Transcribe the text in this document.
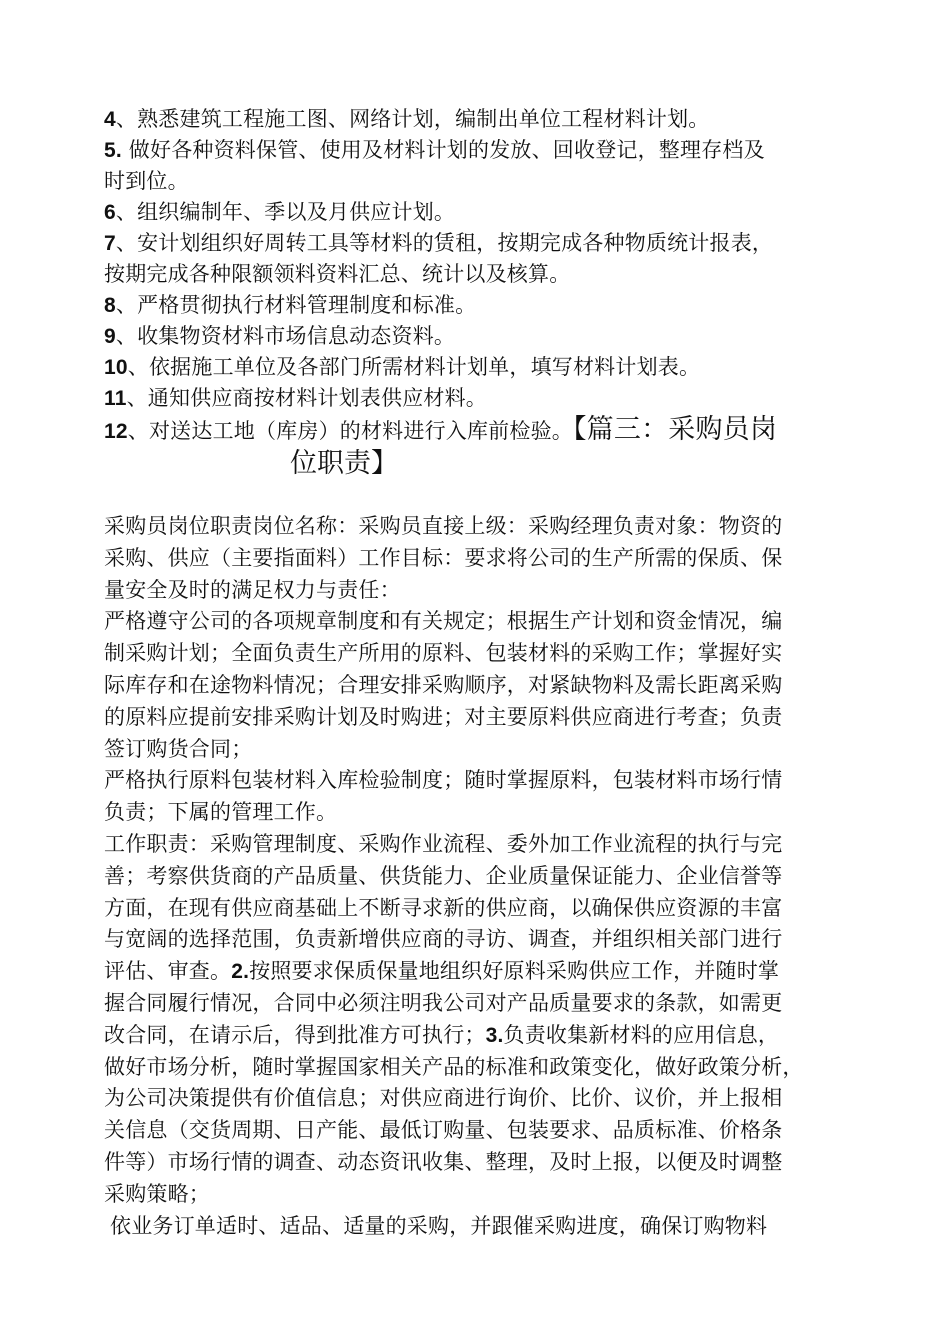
4、熟悉建筑工程施工图、网络计划，编制出单位工程材料计划。
5. 做好各种资料保管、使用及材料计划的发放、回收登记，整理存档及
时到位。
6、组织编制年、季以及月供应计划。
7、安计划组织好周转工具等材料的赁租，按期完成各种物质统计报表，
按期完成各种限额领料资料汇总、统计以及核算。
8、严格贯彻执行材料管理制度和标准。
9、收集物资材料市场信息动态资料。
10、依据施工单位及各部门所需材料计划单，填写材料计划表。
11、通知供应商按材料计划表供应材料。
12、对送达工地（库房）的材料进行入库前检验。【篇三：采购员岗
位职责】
采购员岗位职责岗位名称：采购员直接上级：采购经理负责对象：物资的
采购、供应（主要指面料）工作目标：要求将公司的生产所需的保质、保
量安全及时的满足权力与责任：
严格遵守公司的各项规章制度和有关规定；根据生产计划和资金情况，编
制采购计划；全面负责生产所用的原料、包装材料的采购工作；掌握好实
际库存和在途物料情况；合理安排采购顺序，对紧缺物料及需长距离采购
的原料应提前安排采购计划及时购进；对主要原料供应商进行考查；负责
签订购货合同；
严格执行原料包装材料入库检验制度；随时掌握原料，包装材料市场行情
负责；下属的管理工作。
工作职责：采购管理制度、采购作业流程、委外加工作业流程的执行与完
善；考察供货商的产品质量、供货能力、企业质量保证能力、企业信誉等
方面，在现有供应商基础上不断寻求新的供应商，以确保供应资源的丰富
与宽阔的选择范围，负责新增供应商的寻访、调查，并组织相关部门进行
评估、审查。2.按照要求保质保量地组织好原料采购供应工作，并随时掌
握合同履行情况，合同中必须注明我公司对产品质量要求的条款，如需更
改合同，在请示后，得到批准方可执行；3.负责收集新材料的应用信息，
做好市场分析，随时掌握国家相关产品的标准和政策变化，做好政策分析，
为公司决策提供有价值信息；对供应商进行询价、比价、议价，并上报相
关信息（交货周期、日产能、最低订购量、包装要求、品质标准、价格条
件等）市场行情的调查、动态资讯收集、整理，及时上报，以便及时调整
采购策略；
依业务订单适时、适品、适量的采购，并跟催采购进度，确保订购物料
